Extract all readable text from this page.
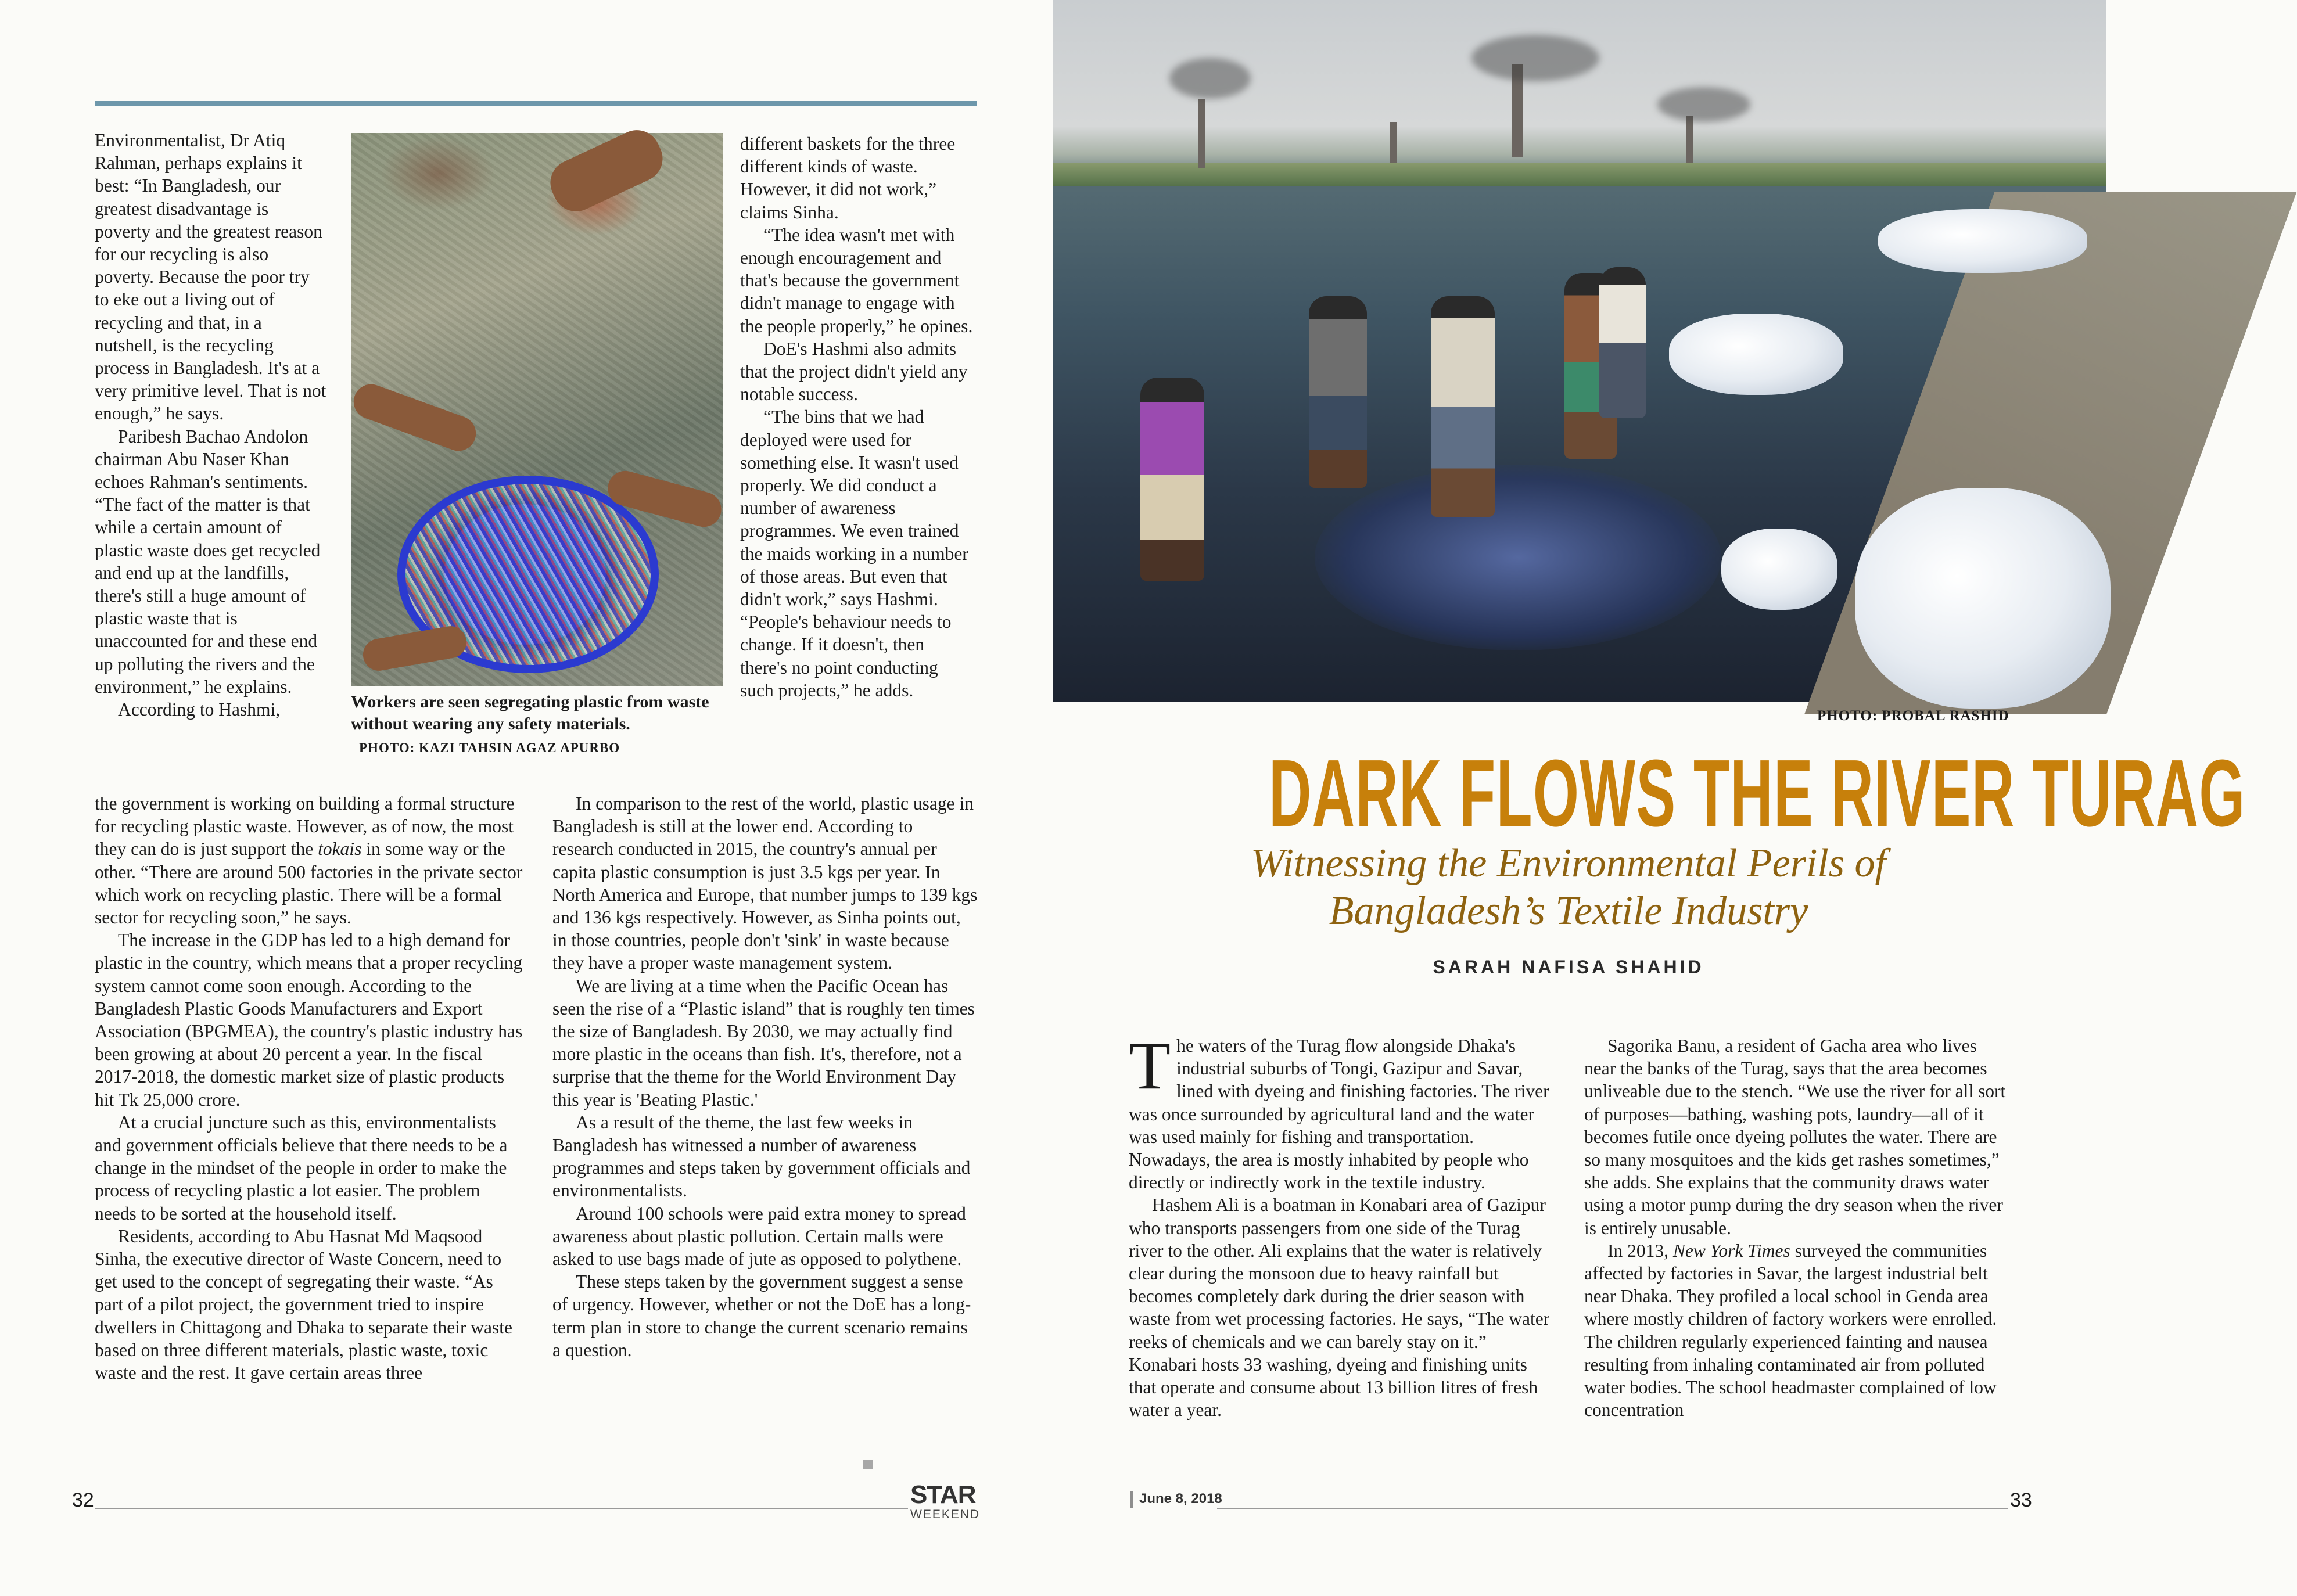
Environmentalist, Dr Atiq Rahman, perhaps explains it best: “In Bangladesh, our greatest disadvantage is poverty and the greatest reason for our recycling is also poverty. Because the poor try to eke out a living out of recycling and that, in a nutshell, is the recycling process in Bangladesh. It's at a very primitive level. That is not enough,” he says.

Paribesh Bachao Andolon chairman Abu Naser Khan echoes Rahman's sentiments. “The fact of the matter is that while a certain amount of plastic waste does get recycled and end up at the landfills, there's still a huge amount of plastic waste that is unaccounted for and these end up polluting the rivers and the environment,” he explains.

According to Hashmi,

the government is working on building a formal structure for recycling plastic waste. However, as of now, the most they can do is just support the tokais in some way or the other. “There are around 500 factories in the private sector which work on recycling plastic. There will be a formal sector for recycling soon,” he says.

The increase in the GDP has led to a high demand for plastic in the country, which means that a proper recycling system cannot come soon enough. According to the Bangladesh Plastic Goods Manufacturers and Export Association (BPGMEA), the country's plastic industry has been growing at about 20 percent a year. In the fiscal 2017-2018, the domestic market size of plastic products hit Tk 25,000 crore.

At a crucial juncture such as this, environmentalists and government officials believe that there needs to be a change in the mindset of the people in order to make the process of recycling plastic a lot easier. The problem needs to be sorted at the household itself.

Residents, according to Abu Hasnat Md Maqsood Sinha, the executive director of Waste Concern, need to get used to the concept of segregating their waste. “As part of a pilot project, the government tried to inspire dwellers in Chittagong and Dhaka to separate their waste based on three different materials, plastic waste, toxic waste and the rest. It gave certain areas three

Workers are seen segregating plastic from waste without wearing any safety materials.
PHOTO: KAZI TAHSIN AGAZ APURBO

different baskets for the three different kinds of waste. However, it did not work,” claims Sinha.

“The idea wasn't met with enough encouragement and that's because the government didn't manage to engage with the people properly,” he opines.

DoE's Hashmi also admits that the project didn't yield any notable success.

“The bins that we had deployed were used for something else. It wasn't used properly. We did conduct a number of awareness programmes. We even trained the maids working in a number of those areas. But even that didn't work,” says Hashmi. “People's behaviour needs to change. If it doesn't, then there's no point conducting such projects,” he adds.

In comparison to the rest of the world, plastic usage in Bangladesh is still at the lower end. According to research conducted in 2015, the country's annual per capita plastic consumption is just 3.5 kgs per year. In North America and Europe, that number jumps to 139 kgs and 136 kgs respectively. However, as Sinha points out, in those countries, people don't 'sink' in waste because they have a proper waste management system.

We are living at a time when the Pacific Ocean has seen the rise of a “Plastic island” that is roughly ten times the size of Bangladesh. By 2030, we may actually find more plastic in the oceans than fish. It's, therefore, not a surprise that the theme for the World Environment Day this year is 'Beating Plastic.'

As a result of the theme, the last few weeks in Bangladesh has witnessed a number of awareness programmes and steps taken by government officials and environmentalists.

Around 100 schools were paid extra money to spread awareness about plastic pollution. Certain malls were asked to use bags made of jute as opposed to polythene.

These steps taken by the government suggest a sense of urgency. However, whether or not the DoE has a long-term plan in store to change the current scenario remains a question.

32	STAR
WEEKEND
PHOTO: PROBAL RASHID
DARK FLOWS THE RIVER TURAG
Witnessing the Environmental Perils of Bangladesh’s Textile Industry
SARAH NAFISA SHAHID

The waters of the Turag flow alongside Dhaka's industrial suburbs of Tongi, Gazipur and Savar, lined with dyeing and finishing factories. The river was once surrounded by agricultural land and the water was used mainly for fishing and transportation. Nowadays, the area is mostly inhabited by people who directly or indirectly work in the textile industry.

Hashem Ali is a boatman in Konabari area of Gazipur who transports passengers from one side of the Turag river to the other. Ali explains that the water is relatively clear during the monsoon due to heavy rainfall but becomes completely dark during the drier season with waste from wet processing factories. He says, “The water reeks of chemicals and we can barely stay on it.” Konabari hosts 33 washing, dyeing and finishing units that operate and consume about 13 billion litres of fresh water a year.

Sagorika Banu, a resident of Gacha area who lives near the banks of the Turag, says that the area becomes unliveable due to the stench. “We use the river for all sort of purposes—bathing, washing pots, laundry—all of it becomes futile once dyeing pollutes the water. There are so many mosquitoes and the kids get rashes sometimes,” she adds. She explains that the community draws water using a motor pump during the dry season when the river is entirely unusable.

In 2013, New York Times surveyed the communities affected by factories in Savar, the largest industrial belt near Dhaka. They profiled a local school in Genda area where mostly children of factory workers were enrolled. The children regularly experienced fainting and nausea resulting from inhaling contaminated air from polluted water bodies. The school headmaster complained of low concentration

June 8, 2018	33
